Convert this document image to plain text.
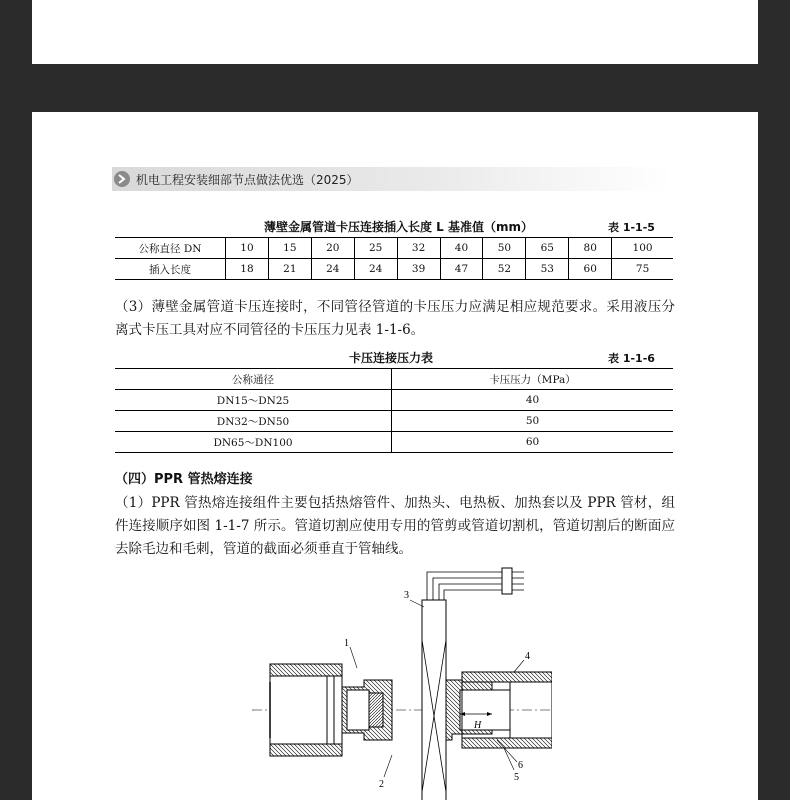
机电工程安装细部节点做法优选（2025）
薄壁金属管道卡压连接插入长度 L 基准值（mm）	表 1-1-5
公称直径 DN	10	15	20	25	32	40	50	65	80	100
插入长度	18	21	24	24	39	47	52	53	60	75
（3）薄壁金属管道卡压连接时，不同管径管道的卡压压力应满足相应规范要求。采用液压分离式卡压工具对应不同管径的卡压压力见表 1-1-6。
卡压连接压力表	表 1-1-6
公称通径	卡压压力（MPa）
DN15～DN25	40
DN32～DN50	50
DN65～DN100	60
（四）PPR 管热熔连接
（1）PPR 管热熔连接组件主要包括热熔管件、加热头、电热板、加热套以及 PPR 管材，组件连接顺序如图 1-1-7 所示。管道切割应使用专用的管剪或管道切割机，管道切割后的断面应去除毛边和毛刺，管道的截面必须垂直于管轴线。
1
2
3
4
5
6
H
